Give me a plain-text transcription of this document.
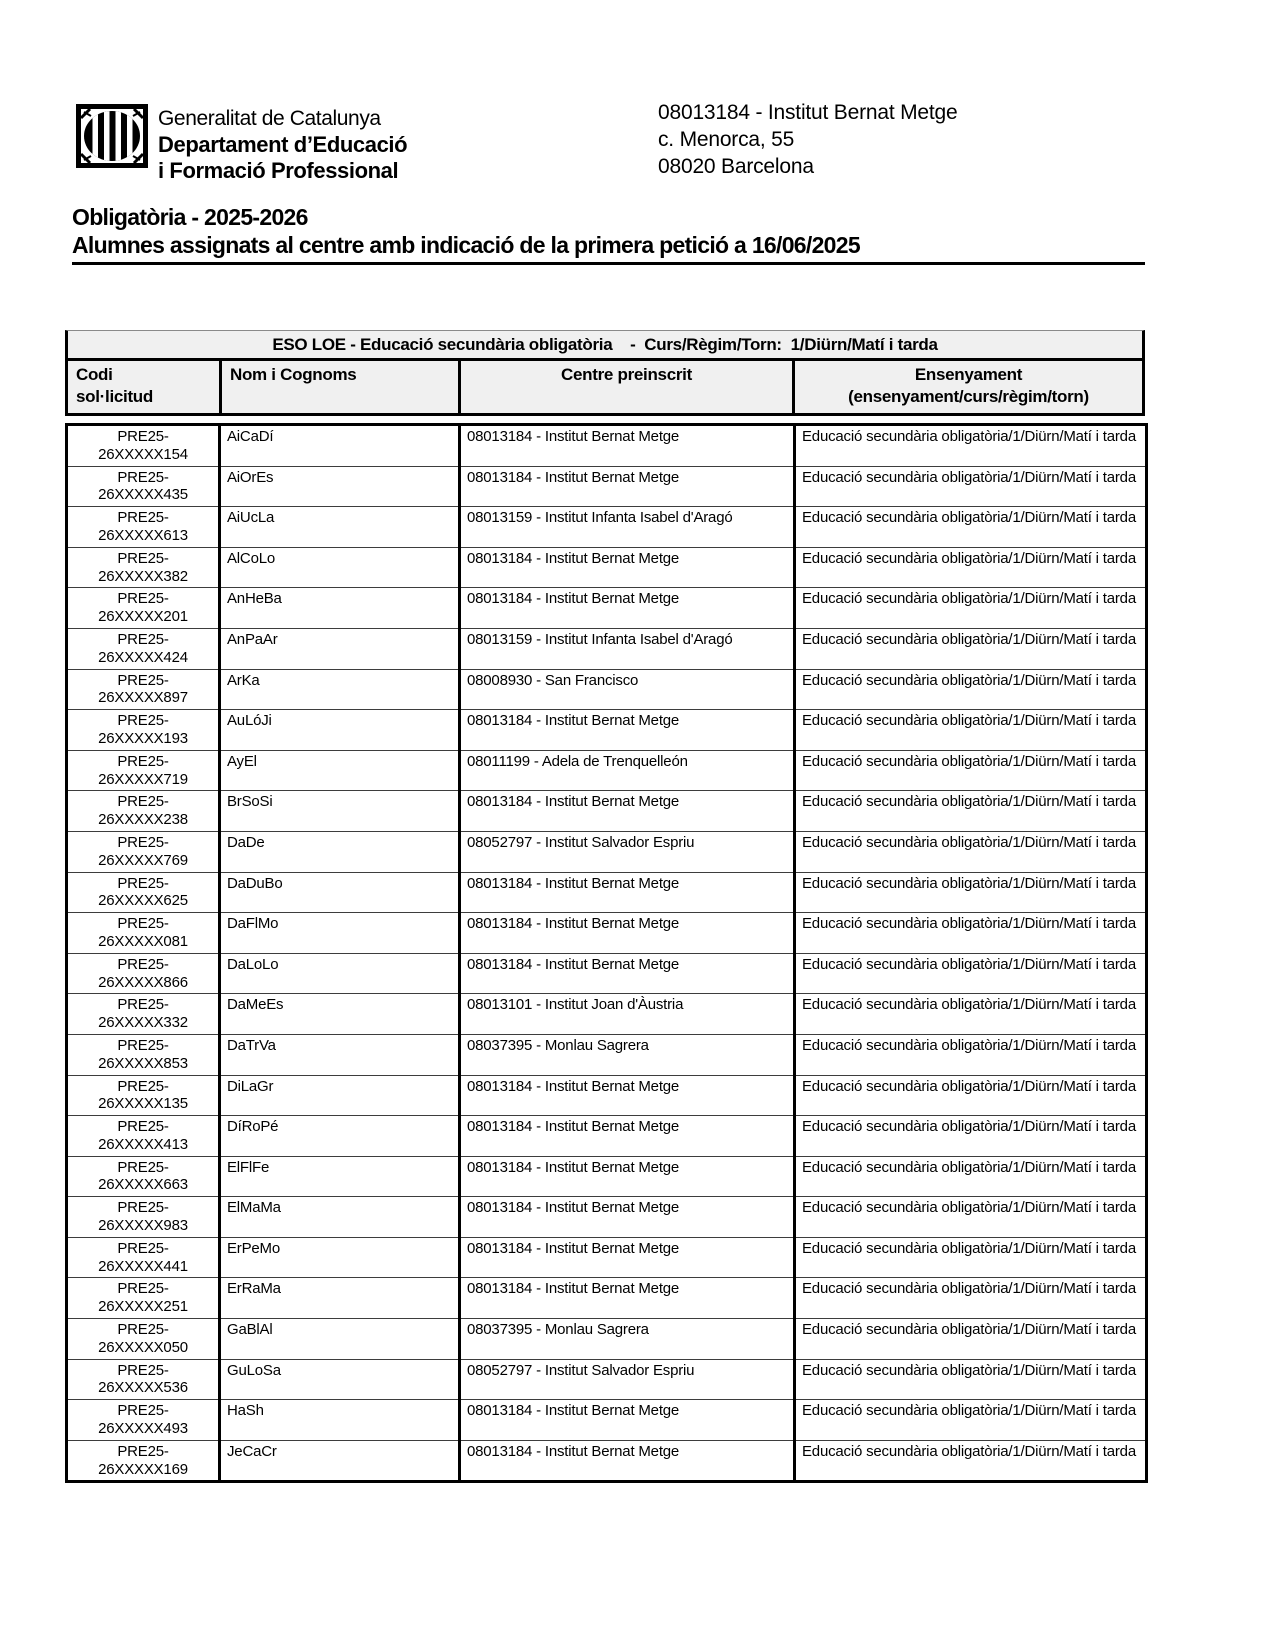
Generalitat de Catalunya
Departament d’Educació
i Formació Professional
08013184 - Institut Bernat Metge
c. Menorca, 55
08020 Barcelona
Obligatòria - 2025-2026
Alumnes assignats al centre amb indicació de la primera petició a 16/06/2025
ESO LOE - Educació secundària obligatòria    -  Curs/Règim/Torn:  1/Diürn/Matí i tarda
Codi
sol·licitud
Nom i Cognoms	Centre preinscrit	Ensenyament
(ensenyament/curs/règim/torn)
PRE25-
26XXXXX154	AiCaDí	08013184 - Institut Bernat Metge	Educació secundària obligatòria/1/Diürn/Matí i tarda

PRE25-
26XXXXX435	AiOrEs	08013184 - Institut Bernat Metge	Educació secundària obligatòria/1/Diürn/Matí i tarda

PRE25-
26XXXXX613	AiUcLa	08013159 - Institut Infanta Isabel d'Aragó	Educació secundària obligatòria/1/Diürn/Matí i tarda

PRE25-
26XXXXX382	AlCoLo	08013184 - Institut Bernat Metge	Educació secundària obligatòria/1/Diürn/Matí i tarda

PRE25-
26XXXXX201	AnHeBa	08013184 - Institut Bernat Metge	Educació secundària obligatòria/1/Diürn/Matí i tarda

PRE25-
26XXXXX424	AnPaAr	08013159 - Institut Infanta Isabel d'Aragó	Educació secundària obligatòria/1/Diürn/Matí i tarda

PRE25-
26XXXXX897	ArKa	08008930 - San Francisco	Educació secundària obligatòria/1/Diürn/Matí i tarda

PRE25-
26XXXXX193	AuLóJi	08013184 - Institut Bernat Metge	Educació secundària obligatòria/1/Diürn/Matí i tarda

PRE25-
26XXXXX719	AyEl	08011199 - Adela de Trenquelleón	Educació secundària obligatòria/1/Diürn/Matí i tarda

PRE25-
26XXXXX238	BrSoSi	08013184 - Institut Bernat Metge	Educació secundària obligatòria/1/Diürn/Matí i tarda

PRE25-
26XXXXX769	DaDe	08052797 - Institut Salvador Espriu	Educació secundària obligatòria/1/Diürn/Matí i tarda

PRE25-
26XXXXX625	DaDuBo	08013184 - Institut Bernat Metge	Educació secundària obligatòria/1/Diürn/Matí i tarda

PRE25-
26XXXXX081	DaFlMo	08013184 - Institut Bernat Metge	Educació secundària obligatòria/1/Diürn/Matí i tarda

PRE25-
26XXXXX866	DaLoLo	08013184 - Institut Bernat Metge	Educació secundària obligatòria/1/Diürn/Matí i tarda

PRE25-
26XXXXX332	DaMeEs	08013101 - Institut Joan d'Àustria	Educació secundària obligatòria/1/Diürn/Matí i tarda

PRE25-
26XXXXX853	DaTrVa	08037395 - Monlau Sagrera	Educació secundària obligatòria/1/Diürn/Matí i tarda

PRE25-
26XXXXX135	DiLaGr	08013184 - Institut Bernat Metge	Educació secundària obligatòria/1/Diürn/Matí i tarda

PRE25-
26XXXXX413	DíRoPé	08013184 - Institut Bernat Metge	Educació secundària obligatòria/1/Diürn/Matí i tarda

PRE25-
26XXXXX663	ElFlFe	08013184 - Institut Bernat Metge	Educació secundària obligatòria/1/Diürn/Matí i tarda

PRE25-
26XXXXX983	ElMaMa	08013184 - Institut Bernat Metge	Educació secundària obligatòria/1/Diürn/Matí i tarda

PRE25-
26XXXXX441	ErPeMo	08013184 - Institut Bernat Metge	Educació secundària obligatòria/1/Diürn/Matí i tarda

PRE25-
26XXXXX251	ErRaMa	08013184 - Institut Bernat Metge	Educació secundària obligatòria/1/Diürn/Matí i tarda

PRE25-
26XXXXX050	GaBlAl	08037395 - Monlau Sagrera	Educació secundària obligatòria/1/Diürn/Matí i tarda

PRE25-
26XXXXX536	GuLoSa	08052797 - Institut Salvador Espriu	Educació secundària obligatòria/1/Diürn/Matí i tarda

PRE25-
26XXXXX493	HaSh	08013184 - Institut Bernat Metge	Educació secundària obligatòria/1/Diürn/Matí i tarda

PRE25-
26XXXXX169	JeCaCr	08013184 - Institut Bernat Metge	Educació secundària obligatòria/1/Diürn/Matí i tarda
